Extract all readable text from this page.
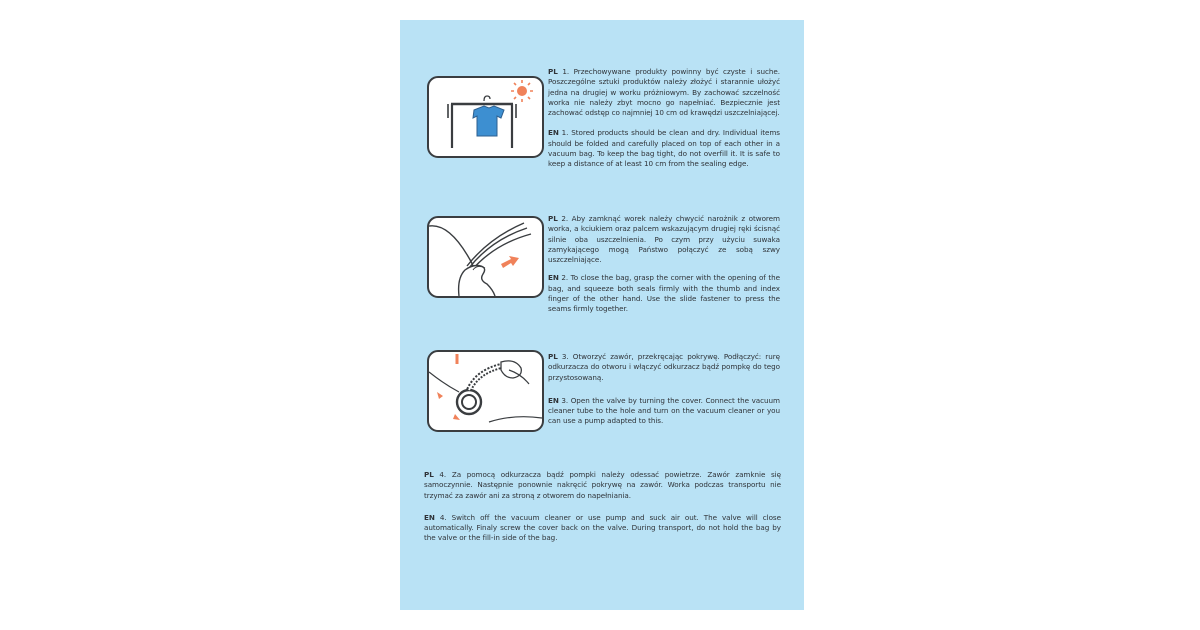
PL 1. Przechowywane produkty powinny być czyste i suche. Poszczególne sztuki produktów należy złożyć i starannie ułożyć jedna na drugiej w worku próżniowym. By zachować szczelność worka nie należy zbyt mocno go napełniać. Bezpiecznie jest zachować odstęp co najmniej 10 cm od krawędzi uszczelniającej.

EN 1. Stored products should be clean and dry. Individual items should be folded and carefully placed on top of each other in a vacuum bag. To keep the bag tight, do not overfill it. It is safe to keep a distance of at least 10 cm from the sealing edge.

PL 2. Aby zamknąć worek należy chwycić narożnik z otworem worka, a kciukiem oraz palcem wskazującym drugiej ręki ścisnąć silnie oba uszczelnienia. Po czym przy użyciu suwaka zamykającego mogą Państwo połączyć ze sobą szwy uszczelniające.

EN 2. To close the bag, grasp the corner with the opening of the bag, and squeeze both seals firmly with the thumb and index finger of the other hand. Use the slide fastener to press the seams firmly together.

PL 3. Otworzyć zawór, przekręcając pokrywę. Podłączyć: rurę odkurzacza do otworu i włączyć odkurzacz bądź pompkę do tego przystosowaną.

EN 3. Open the valve by turning the cover. Connect the vacuum cleaner tube to the hole and turn on the vacuum cleaner or you can use a pump adapted to this.

PL 4. Za pomocą odkurzacza bądź pompki należy odessać powietrze. Zawór zamknie się samoczynnie. Następnie ponownie nakręcić pokrywę na zawór. Worka podczas transportu nie trzymać za zawór ani za stroną z otworem do napełniania.

EN 4. Switch off the vacuum cleaner or use pump and suck air out. The valve will close automatically. Finaly screw the cover back on the valve. During transport, do not hold the bag by the valve or the fill-in side of the bag.
